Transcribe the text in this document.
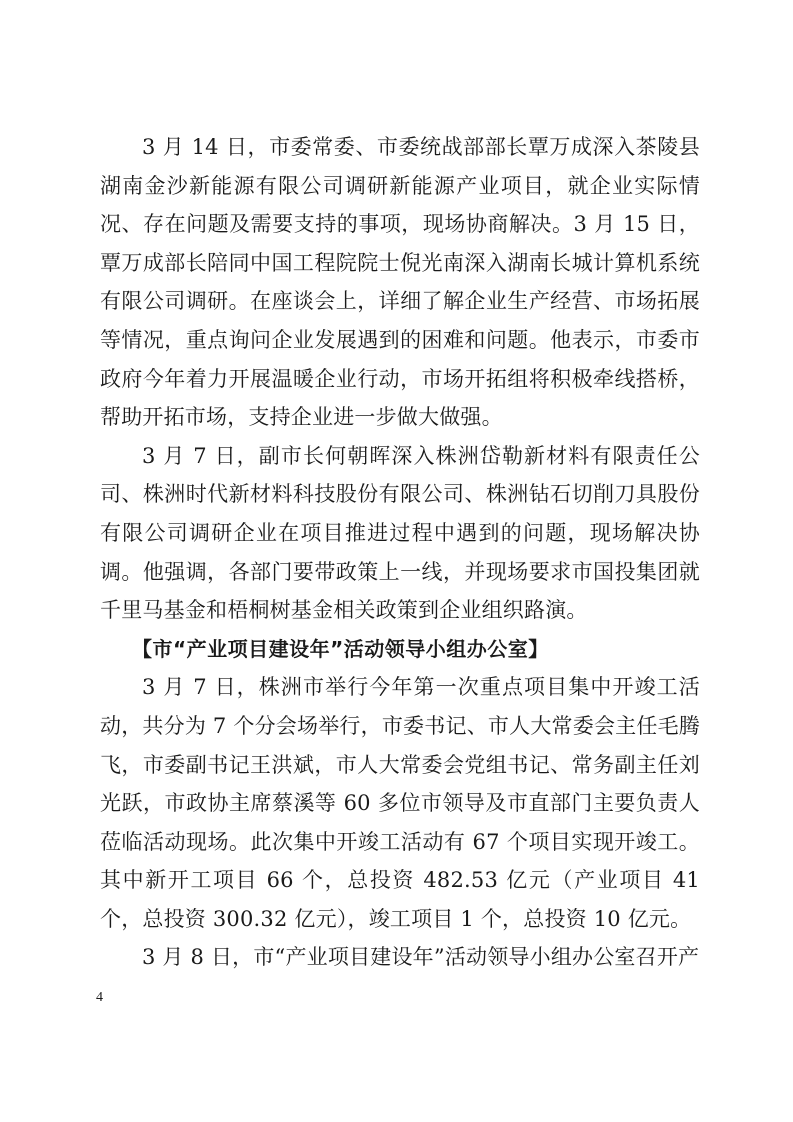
3 月 14 日，市委常委、市委统战部部长覃万成深入茶陵县湖南金沙新能源有限公司调研新能源产业项目，就企业实际情况、存在问题及需要支持的事项，现场协商解决。3 月 15 日，覃万成部长陪同中国工程院院士倪光南深入湖南长城计算机系统有限公司调研。在座谈会上，详细了解企业生产经营、市场拓展等情况，重点询问企业发展遇到的困难和问题。他表示，市委市政府今年着力开展温暖企业行动，市场开拓组将积极牵线搭桥，帮助开拓市场，支持企业进一步做大做强。

3 月 7 日，副市长何朝晖深入株洲岱勒新材料有限责任公司、株洲时代新材料科技股份有限公司、株洲钻石切削刀具股份有限公司调研企业在项目推进过程中遇到的问题，现场解决协调。他强调，各部门要带政策上一线，并现场要求市国投集团就千里马基金和梧桐树基金相关政策到企业组织路演。

【市“产业项目建设年”活动领导小组办公室】

3 月 7 日，株洲市举行今年第一次重点项目集中开竣工活动，共分为 7 个分会场举行，市委书记、市人大常委会主任毛腾飞，市委副书记王洪斌，市人大常委会党组书记、常务副主任刘光跃，市政协主席蔡溪等 60 多位市领导及市直部门主要负责人莅临活动现场。此次集中开竣工活动有 67 个项目实现开竣工。其中新开工项目 66 个，总投资 482.53 亿元（产业项目 41 个，总投资 300.32 亿元），竣工项目 1 个，总投资 10 亿元。

3 月 8 日，市“产业项目建设年”活动领导小组办公室召开产

4
